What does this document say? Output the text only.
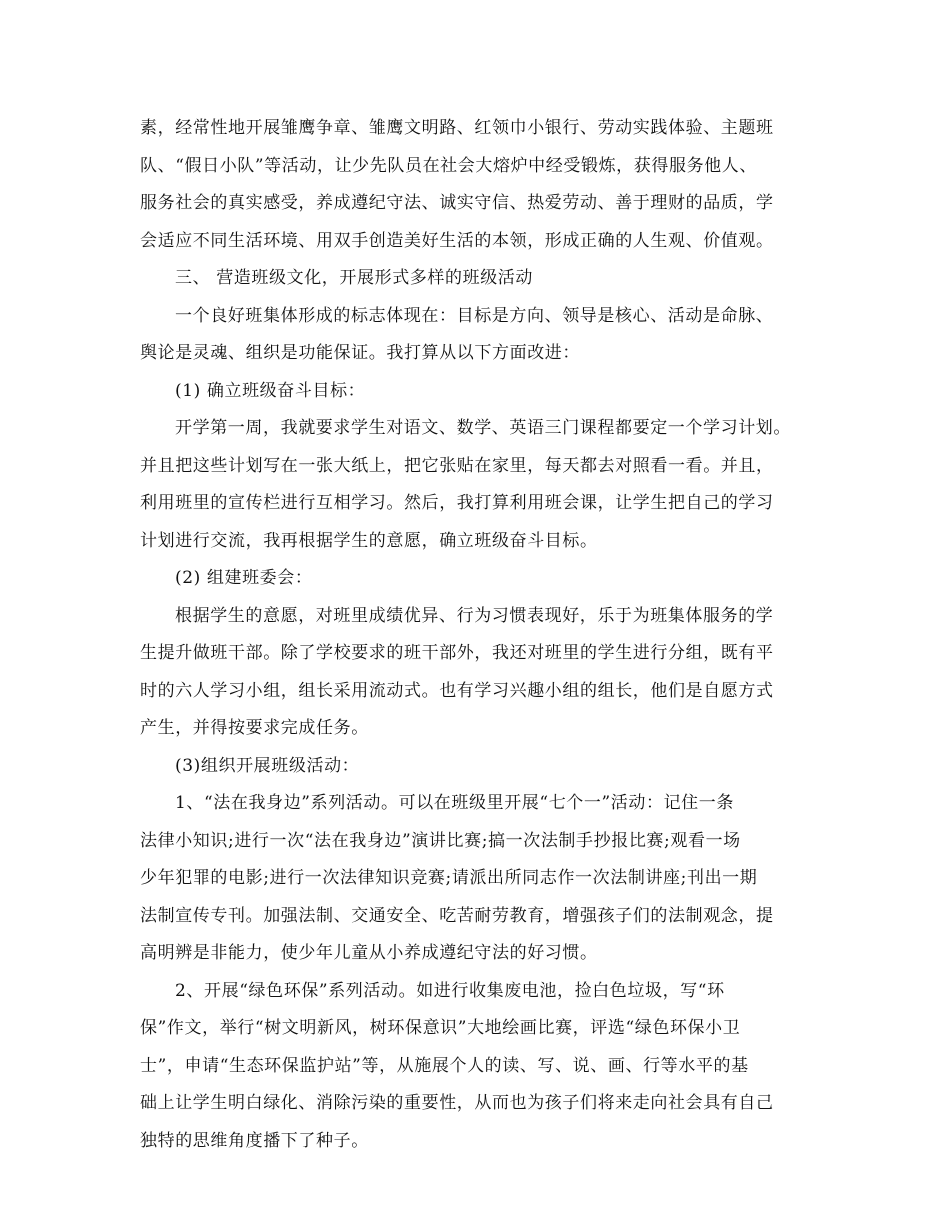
素，经常性地开展雏鹰争章、雏鹰文明路、红领巾小银行、劳动实践体验、主题班
队、“假日小队”等活动，让少先队员在社会大熔炉中经受锻炼，获得服务他人、
服务社会的真实感受，养成遵纪守法、诚实守信、热爱劳动、善于理财的品质，学
会适应不同生活环境、用双手创造美好生活的本领，形成正确的人生观、价值观。
三、 营造班级文化，开展形式多样的班级活动
一个良好班集体形成的标志体现在：目标是方向、领导是核心、活动是命脉、
舆论是灵魂、组织是功能保证。我打算从以下方面改进：
(1) 确立班级奋斗目标：
开学第一周，我就要求学生对语文、数学、英语三门课程都要定一个学习计划。
并且把这些计划写在一张大纸上，把它张贴在家里，每天都去对照看一看。并且，
利用班里的宣传栏进行互相学习。然后，我打算利用班会课，让学生把自己的学习
计划进行交流，我再根据学生的意愿，确立班级奋斗目标。
(2) 组建班委会：
根据学生的意愿，对班里成绩优异、行为习惯表现好，乐于为班集体服务的学
生提升做班干部。除了学校要求的班干部外，我还对班里的学生进行分组，既有平
时的六人学习小组，组长采用流动式。也有学习兴趣小组的组长，他们是自愿方式
产生，并得按要求完成任务。
(3)组织开展班级活动：
1、“法在我身边”系列活动。可以在班级里开展“七个一”活动：记住一条
法律小知识;进行一次“法在我身边”演讲比赛;搞一次法制手抄报比赛;观看一场
少年犯罪的电影;进行一次法律知识竞赛;请派出所同志作一次法制讲座;刊出一期
法制宣传专刊。加强法制、交通安全、吃苦耐劳教育，增强孩子们的法制观念，提
高明辨是非能力，使少年儿童从小养成遵纪守法的好习惯。
2、开展“绿色环保”系列活动。如进行收集废电池，捡白色垃圾，写“环
保”作文，举行“树文明新风，树环保意识”大地绘画比赛，评选“绿色环保小卫
士”，申请“生态环保监护站”等，从施展个人的读、写、说、画、行等水平的基
础上让学生明白绿化、消除污染的重要性，从而也为孩子们将来走向社会具有自己
独特的思维角度播下了种子。
